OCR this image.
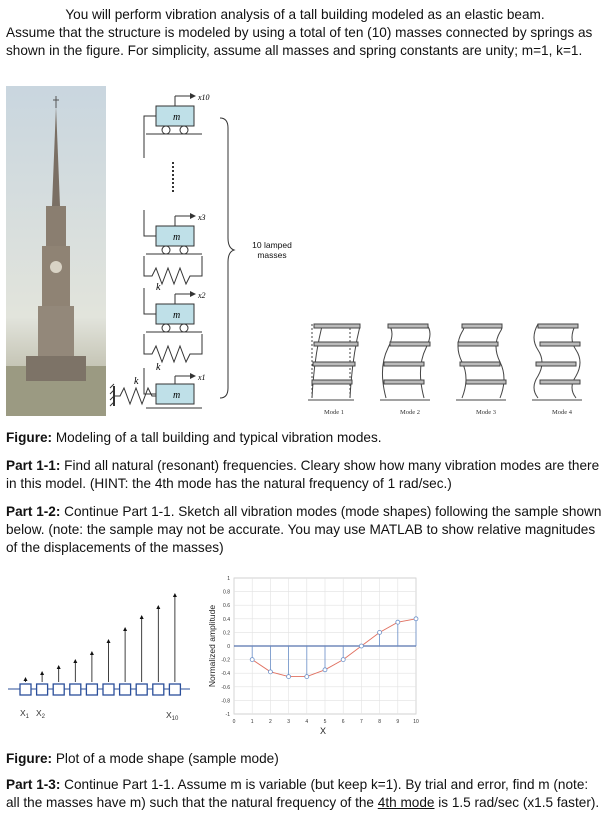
You will perform vibration analysis of a tall building modeled as an elastic beam.

Assume that the structure is modeled by using a total of ten (10) masses connected by springs as shown in the figure. For simplicity, assume all masses and spring constants are unity; m=1, k=1.

m
x10
m
x3
k
m
x2
k
m
x1
k
10 lamped masses
Mode 1	Mode 2	Mode 3	Mode 4

Figure: Modeling of a tall building and typical vibration modes.

Part 1-1: Find all natural (resonant) frequencies. Cleary show how many vibration modes are there in this model. (HINT: the 4th mode has the natural frequency of 1 rad/sec.)

Part 1-2: Continue Part 1-1. Sketch all vibration modes (mode shapes) following the sample shown below. (note: the sample may not be accurate. You may use MATLAB to show relative magnitudes of the displacements of the masses)

$X_1$ $X_2$	$X_{10}$
Normalized amplitude
X
0	1	2	3	4	5	6	7	8	9	10
1
0.8
0.6
0.4
0.2
0
-0.2
-0.4
-0.6
-0.8
-1

Figure: Plot of a mode shape (sample mode)

Part 1-3: Continue Part 1-1. Assume m is variable (but keep k=1). By trial and error, find m (note: all the masses have m) such that the natural frequency of the 4th mode is 1.5 rad/sec (x1.5 faster).
